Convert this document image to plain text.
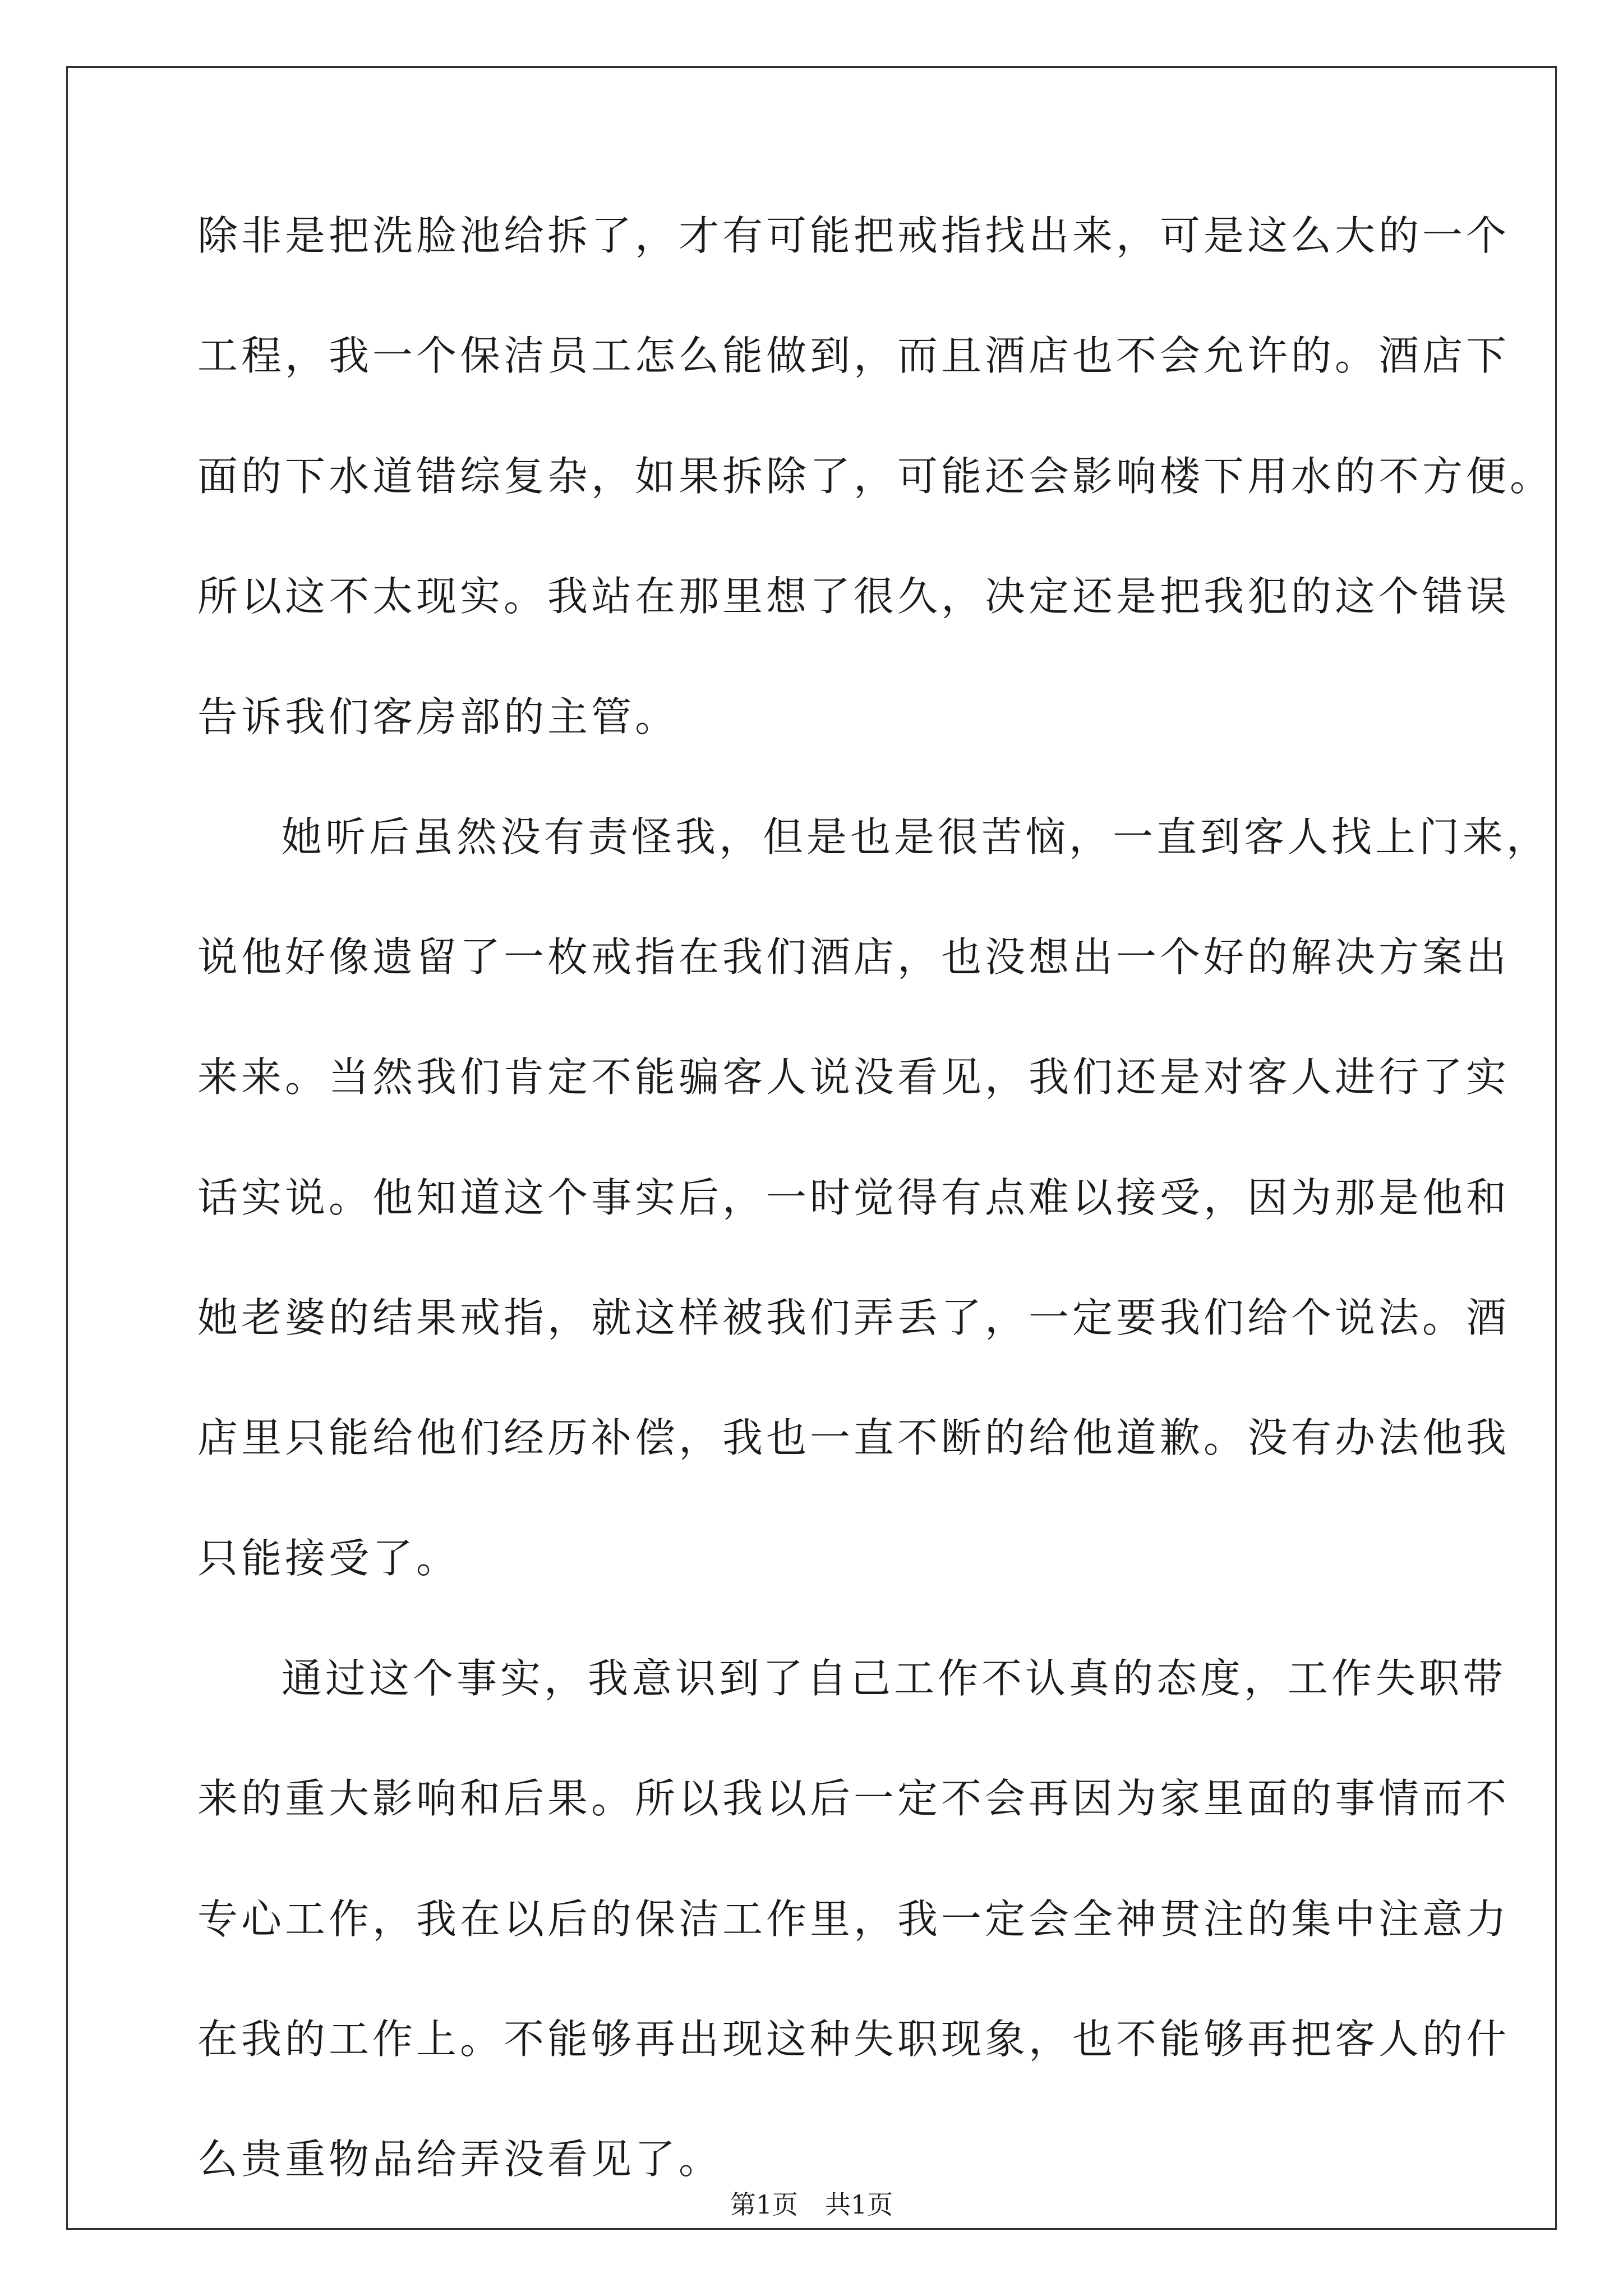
除非是把洗脸池给拆了，才有可能把戒指找出来，可是这么大的一个
工程，我一个保洁员工怎么能做到，而且酒店也不会允许的。酒店下
面的下水道错综复杂，如果拆除了，可能还会影响楼下用水的不方便。
所以这不太现实。我站在那里想了很久，决定还是把我犯的这个错误
告诉我们客房部的主管。
她听后虽然没有责怪我，但是也是很苦恼，一直到客人找上门来，
说他好像遗留了一枚戒指在我们酒店，也没想出一个好的解决方案出
来来。当然我们肯定不能骗客人说没看见，我们还是对客人进行了实
话实说。他知道这个事实后，一时觉得有点难以接受，因为那是他和
她老婆的结果戒指，就这样被我们弄丢了，一定要我们给个说法。酒
店里只能给他们经历补偿，我也一直不断的给他道歉。没有办法他我
只能接受了。
通过这个事实，我意识到了自己工作不认真的态度，工作失职带
来的重大影响和后果。所以我以后一定不会再因为家里面的事情而不
专心工作，我在以后的保洁工作里，我一定会全神贯注的集中注意力
在我的工作上。不能够再出现这种失职现象，也不能够再把客人的什
么贵重物品给弄没看见了。
第1页 共1页
